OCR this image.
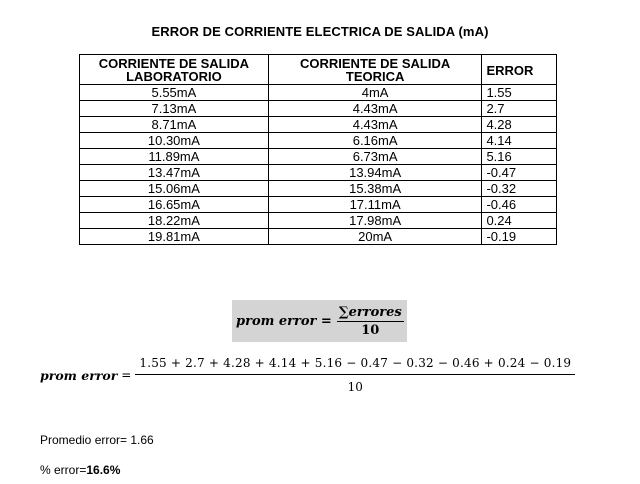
ERROR DE CORRIENTE ELECTRICA DE SALIDA (mA)
CORRIENTE DE SALIDA LABORATORIO	CORRIENTE DE SALIDA TEORICA	ERROR
5.55mA	4mA	1.55
7.13mA	4.43mA	2.7
8.71mA	4.43mA	4.28
10.30mA	6.16mA	4.14
11.89mA	6.73mA	5.16
13.47mA	13.94mA	-0.47
15.06mA	15.38mA	-0.32
16.65mA	17.11mA	-0.46
18.22mA	17.98mA	0.24
19.81mA	20mA	-0.19
prom error = $\frac{\text{∑errores}}{10}$
prom error =
1.55 + 2.7 + 4.28 + 4.14 + 5.16 − 0.47 − 0.32 − 0.46 + 0.24 − 0.19
10
Promedio error= 1.66
% error=16.6%
